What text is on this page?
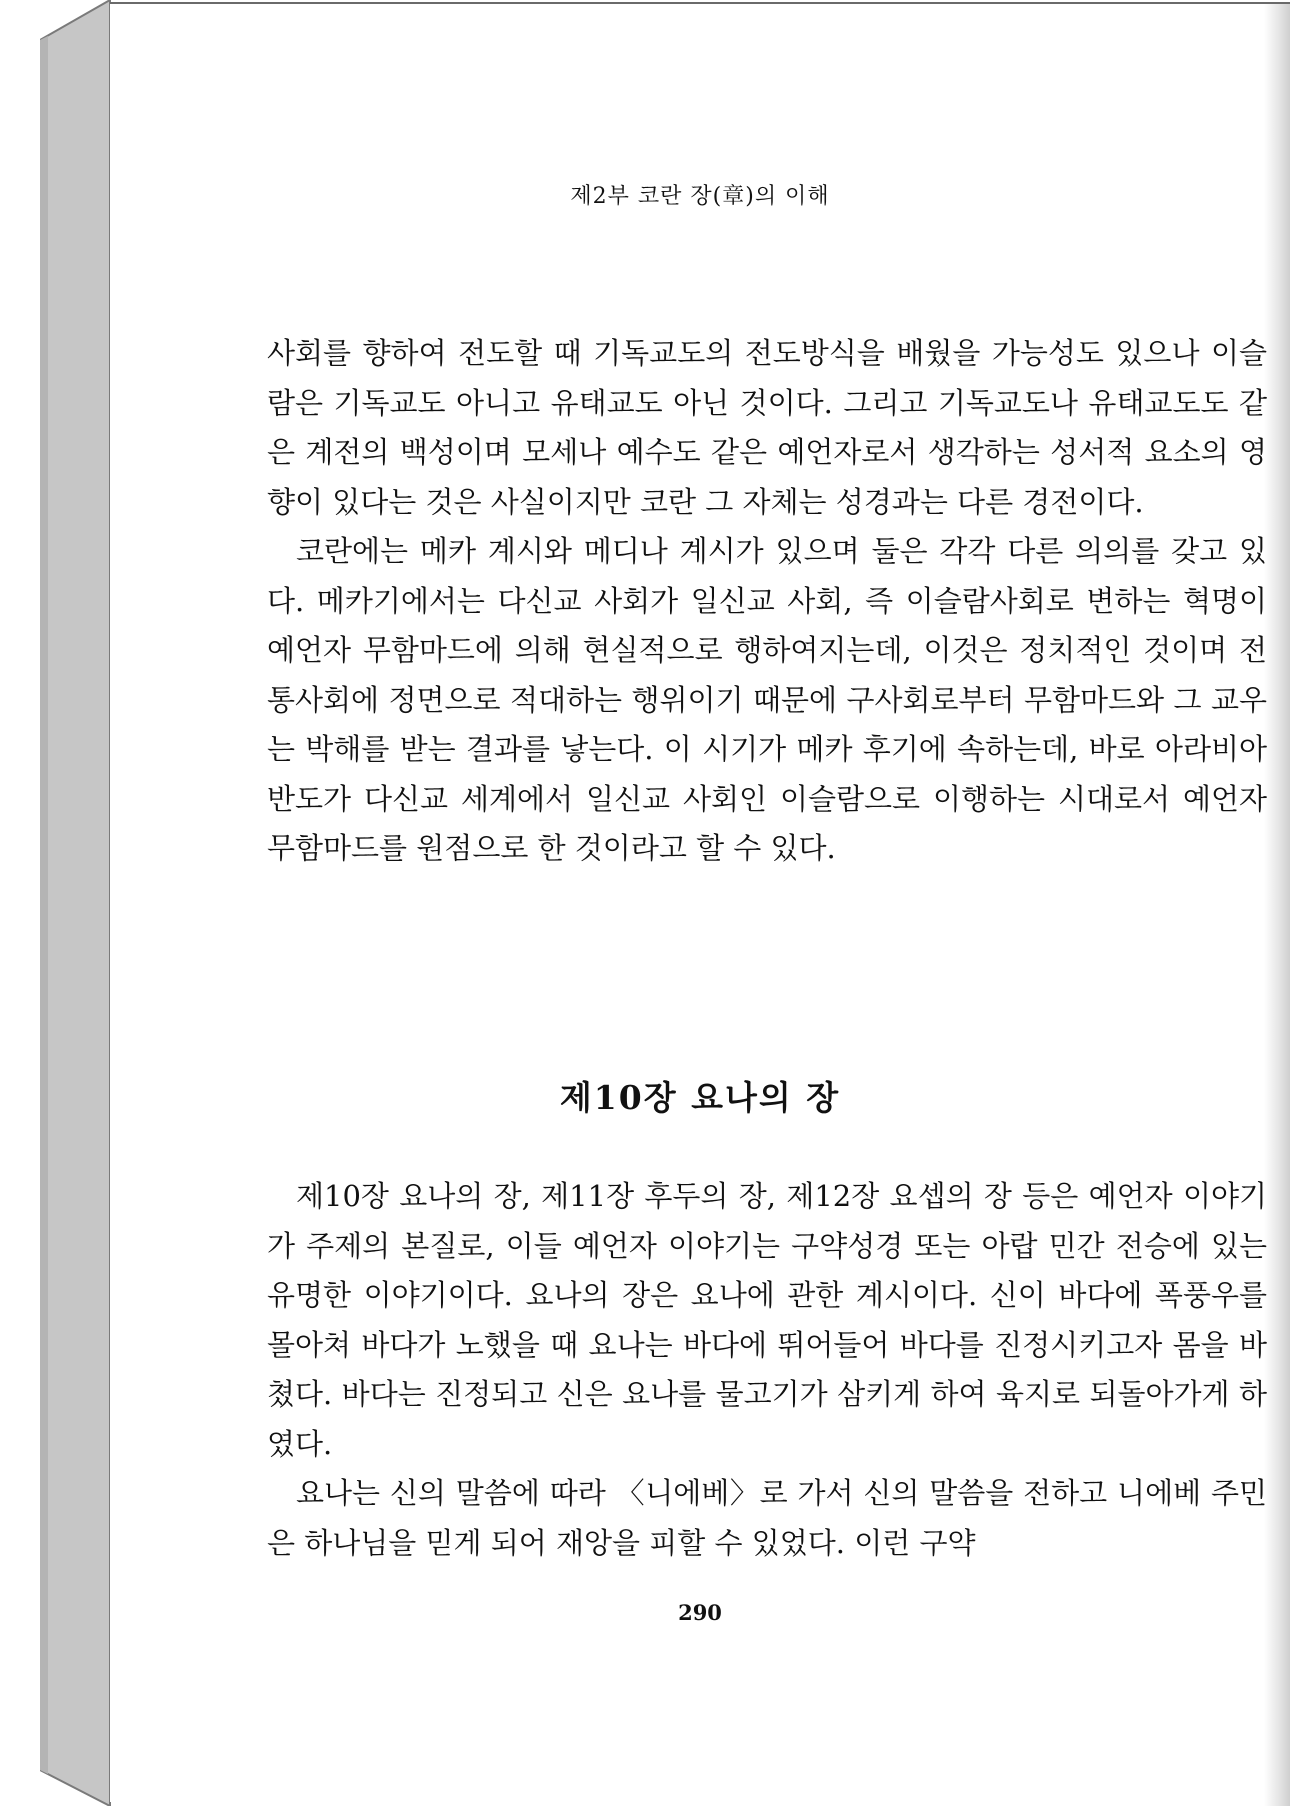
제2부 코란 장(章)의 이해

사회를 향하여 전도할 때 기독교도의 전도방식을 배웠을 가능성도 있으나 이슬람은 기독교도 아니고 유태교도 아닌 것이다. 그리고 기독교도나 유태교도도 같은 계전의 백성이며 모세나 예수도 같은 예언자로서 생각하는 성서적 요소의 영향이 있다는 것은 사실이지만 코란 그 자체는 성경과는 다른 경전이다.

코란에는 메카 계시와 메디나 계시가 있으며 둘은 각각 다른 의의를 갖고 있다. 메카기에서는 다신교 사회가 일신교 사회, 즉 이슬람사회로 변하는 혁명이 예언자 무함마드에 의해 현실적으로 행하여지는데, 이것은 정치적인 것이며 전통사회에 정면으로 적대하는 행위이기 때문에 구사회로부터 무함마드와 그 교우는 박해를 받는 결과를 낳는다. 이 시기가 메카 후기에 속하는데, 바로 아라비아 반도가 다신교 세계에서 일신교 사회인 이슬람으로 이행하는 시대로서 예언자 무함마드를 원점으로 한 것이라고 할 수 있다.

제10장 요나의 장

제10장 요나의 장, 제11장 후두의 장, 제12장 요셉의 장 등은 예언자 이야기가 주제의 본질로, 이들 예언자 이야기는 구약성경 또는 아랍 민간 전승에 있는 유명한 이야기이다. 요나의 장은 요나에 관한 계시이다. 신이 바다에 폭풍우를 몰아쳐 바다가 노했을 때 요나는 바다에 뛰어들어 바다를 진정시키고자 몸을 바쳤다. 바다는 진정되고 신은 요나를 물고기가 삼키게 하여 육지로 되돌아가게 하였다.

요나는 신의 말씀에 따라 〈니에베〉로 가서 신의 말씀을 전하고 니에베 주민은 하나님을 믿게 되어 재앙을 피할 수 있었다. 이런 구약

290
